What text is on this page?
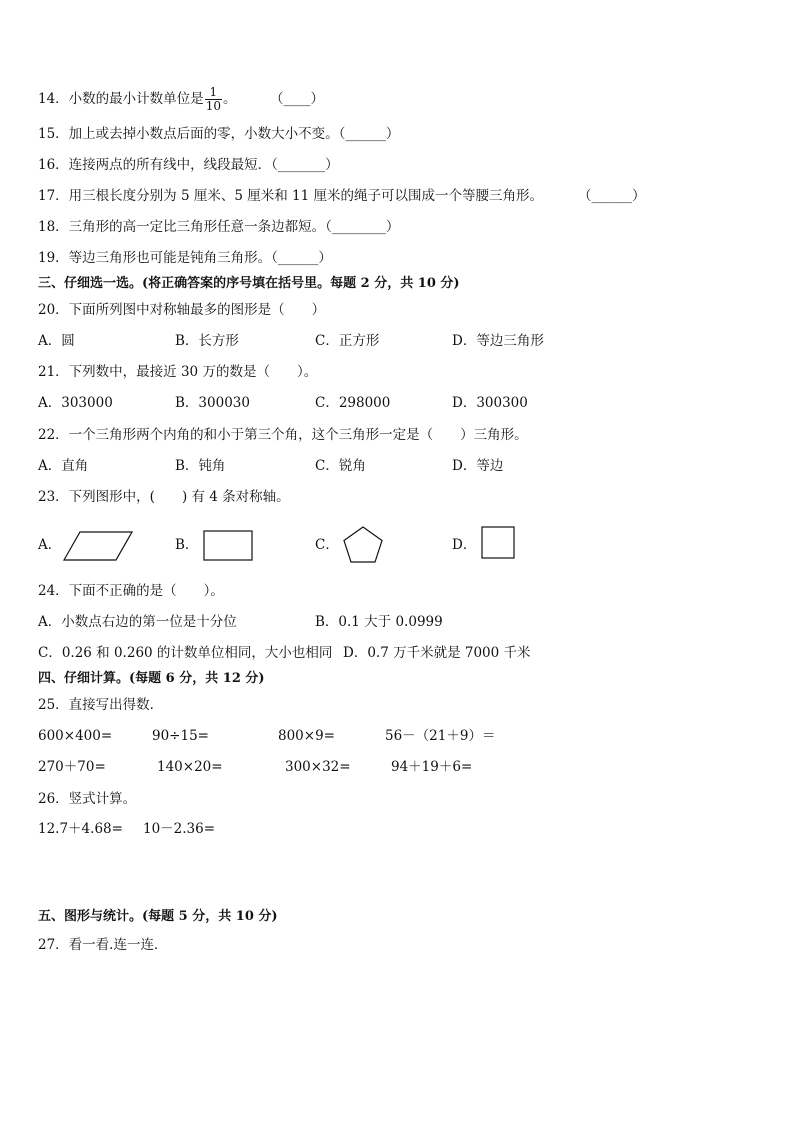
14．小数的最小计数单位是 $\frac{1}{10}$ 。 （____）
15．加上或去掉小数点后面的零，小数大小不变。（______）
16．连接两点的所有线中，线段最短．（_______）
17．用三根长度分别为 5 厘米、5 厘米和 11 厘米的绳子可以围成一个等腰三角形。	（______）
18．三角形的高一定比三角形任意一条边都短。（________）
19．等边三角形也可能是钝角三角形。（______）
三、仔细选一选。(将正确答案的序号填在括号里。每题 2 分，共 10 分)
20．下面所列图中对称轴最多的图形是（　　）
A．圆	B．长方形	C．正方形	D．等边三角形
21．下列数中，最接近 30 万的数是（　　）。
A．303000	B．300030	C．298000	D．300300
22．一个三角形两个内角的和小于第三个角，这个三角形一定是（　　）三角形。
A．直角	B．钝角	C．锐角	D．等边
23．下列图形中，(　　) 有 4 条对称轴。
A．	B．	C．	D．
24．下面不正确的是（　　）。
A．小数点右边的第一位是十分位	B．0.1 大于 0.0999
C．0.26 和 0.260 的计数单位相同，大小也相同 D．0.7 万千米就是 7000 千米
四、仔细计算。(每题 6 分，共 12 分)
25．直接写出得数．
600×400=	90÷15=	800×9=	56－（21＋9）＝
270＋70=	140×20=	300×32=	94＋19＋6=
26．竖式计算。
12.7＋4.68= 10－2.36=
五、图形与统计。(每题 5 分，共 10 分)
27．看一看.连一连．
